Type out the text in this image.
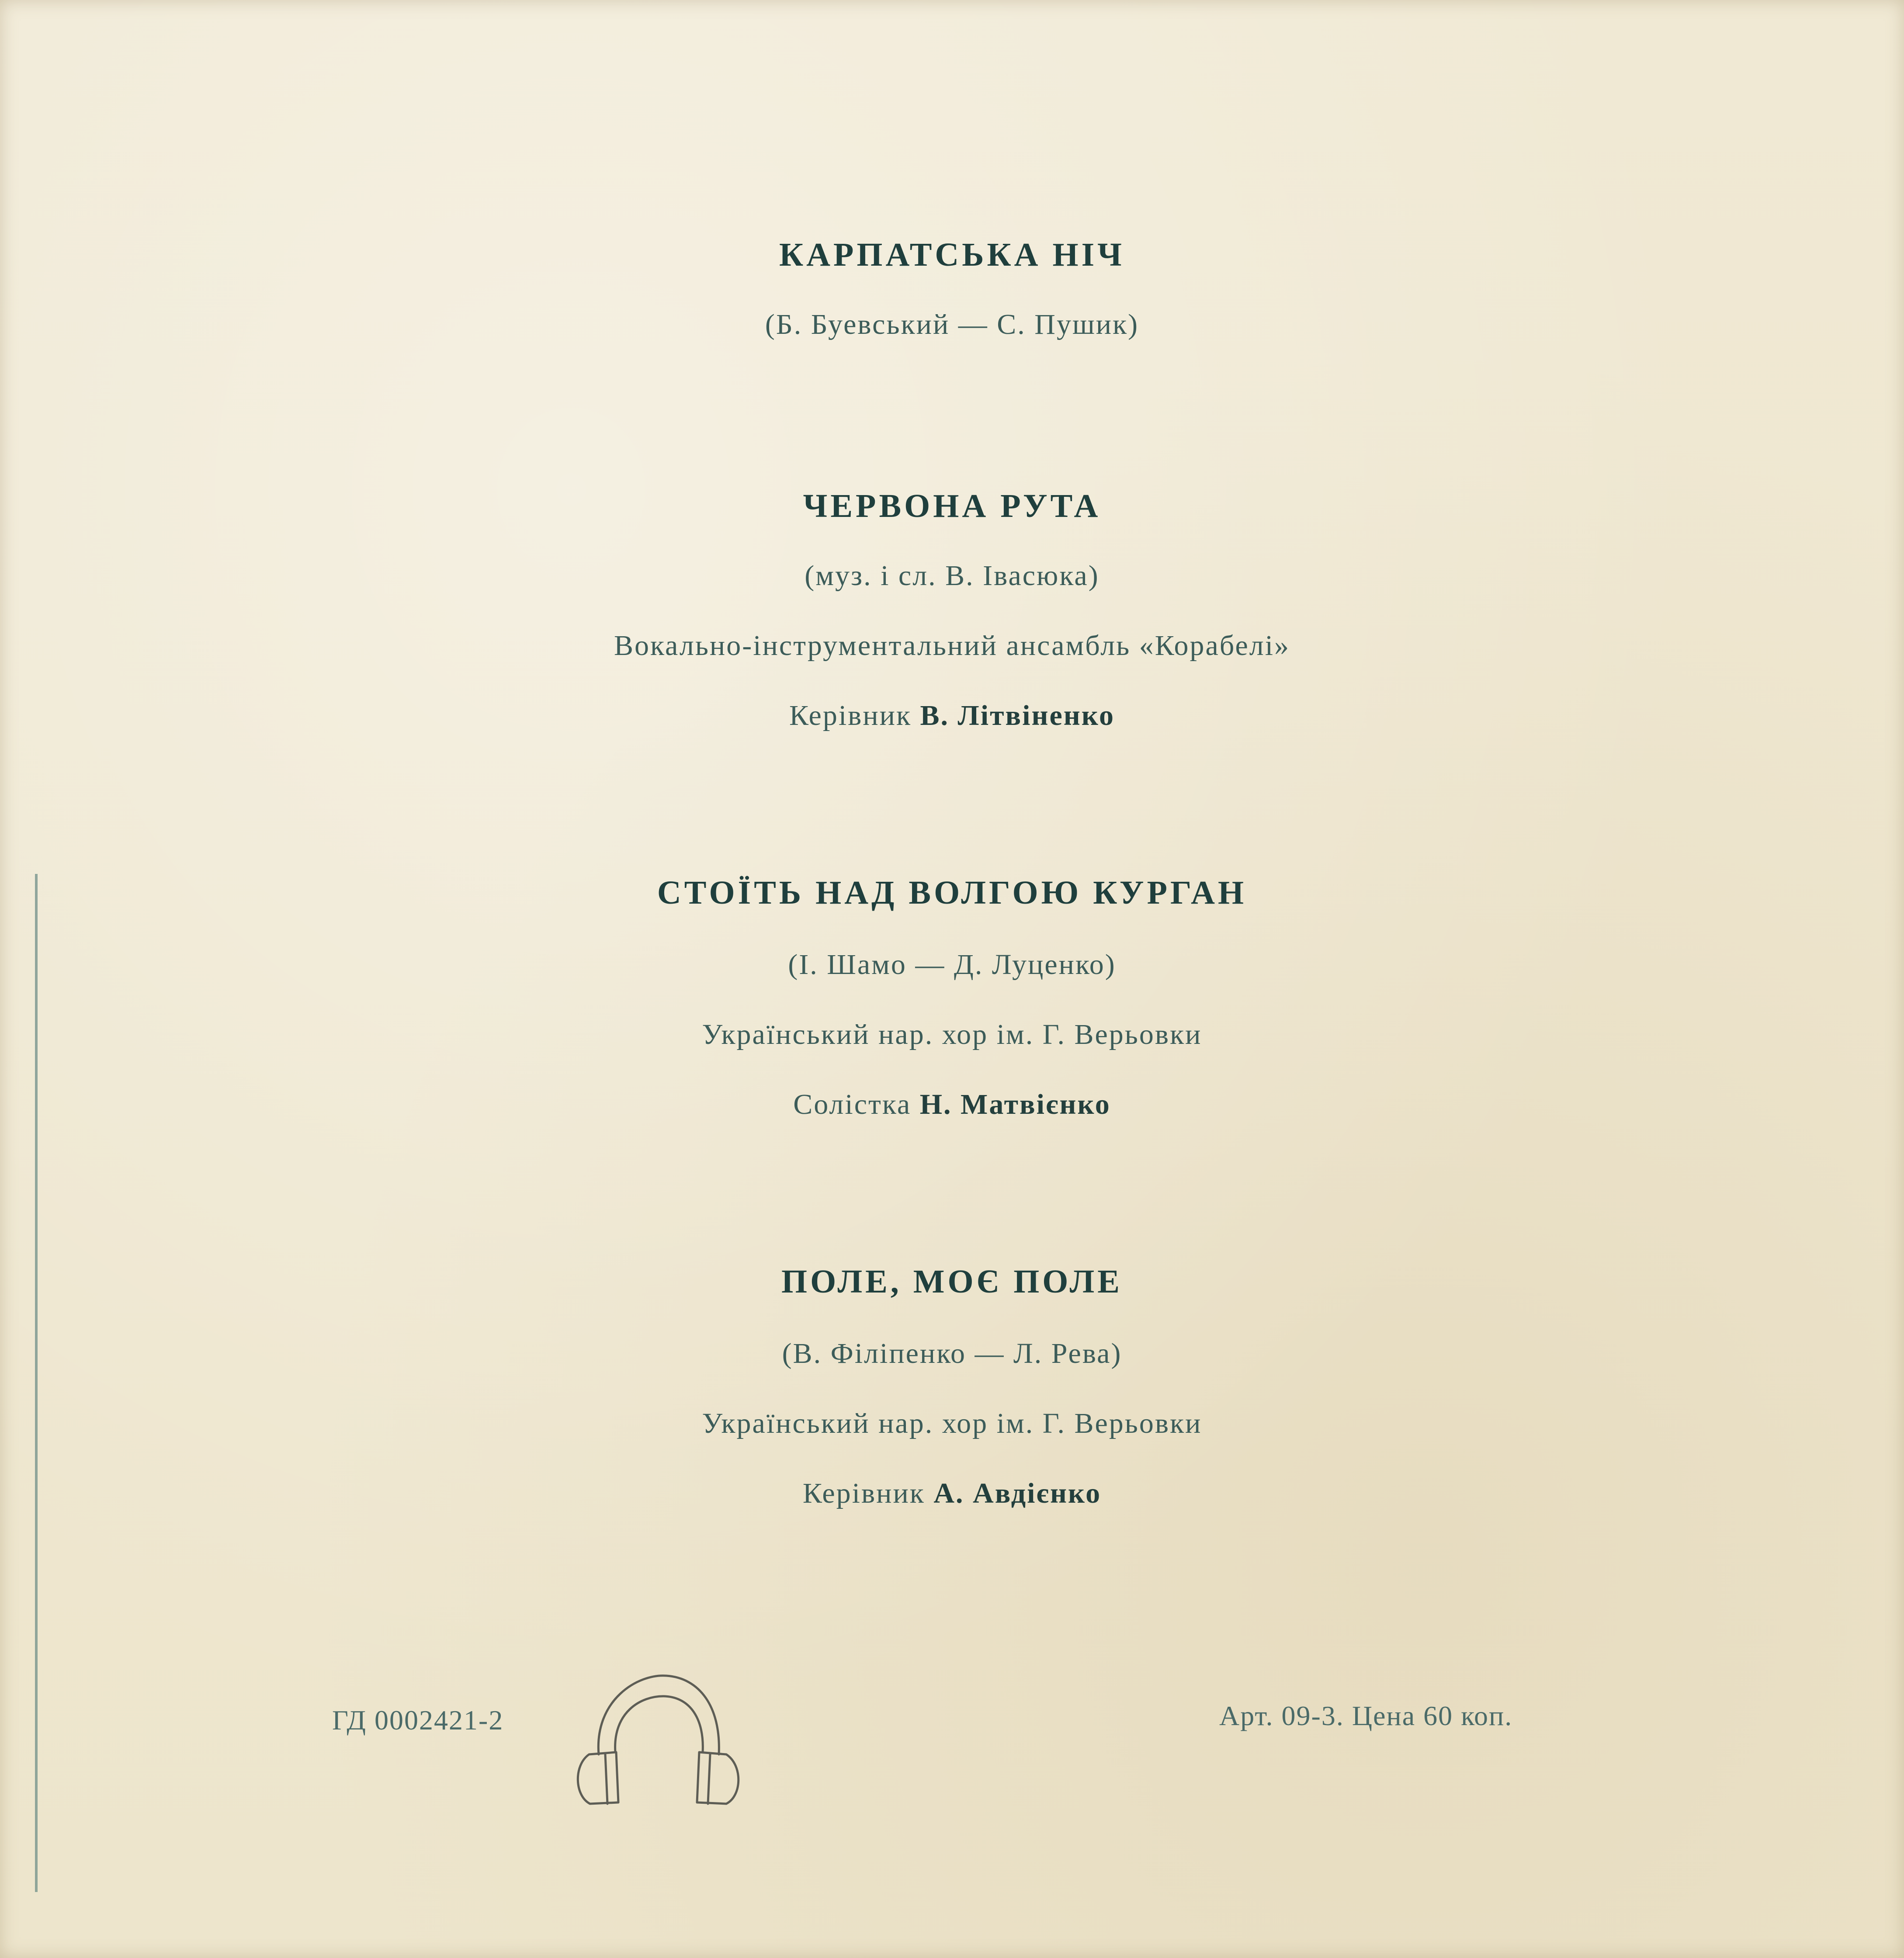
КАРПАТСЬКА НІЧ
(Б. Буевський — С. Пушик)
ЧЕРВОНА РУТА
(муз. і сл. В. Івасюка)
Вокально-інструментальний ансамбль «Корабелі»
Керівник В. Літвіненко
СТОЇТЬ НАД ВОЛГОЮ КУРГАН
(І. Шамо — Д. Луценко)
Український нар. хор ім. Г. Верьовки
Солістка Н. Матвієнко
ПОЛЕ, МОЄ ПОЛЕ
(В. Філіпенко — Л. Рева)
Український нар. хор ім. Г. Верьовки
Керівник А. Авдієнко
ГД 0002421-2	Арт. 09-3. Цена 60 коп.
